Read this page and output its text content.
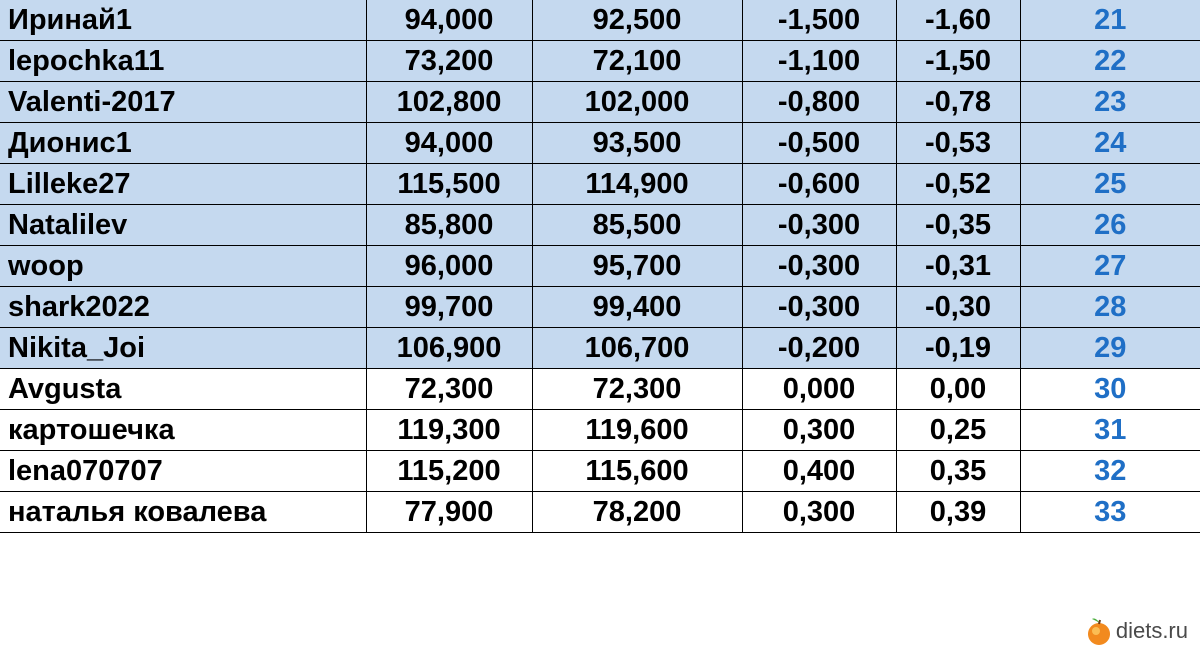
Иринай1	94,000	92,500	-1,500	-1,60	21
lepochka11	73,200	72,100	-1,100	-1,50	22
Valenti-2017	102,800	102,000	-0,800	-0,78	23
Дионис1	94,000	93,500	-0,500	-0,53	24
Lilleke27	115,500	114,900	-0,600	-0,52	25
Natalilev	85,800	85,500	-0,300	-0,35	26
woop	96,000	95,700	-0,300	-0,31	27
shark2022	99,700	99,400	-0,300	-0,30	28
Nikita_Joi	106,900	106,700	-0,200	-0,19	29
Avgusta	72,300	72,300	0,000	0,00	30
картошечка	119,300	119,600	0,300	0,25	31
lena070707	115,200	115,600	0,400	0,35	32
наталья ковалева	77,900	78,200	0,300	0,39	33
diets.ru
